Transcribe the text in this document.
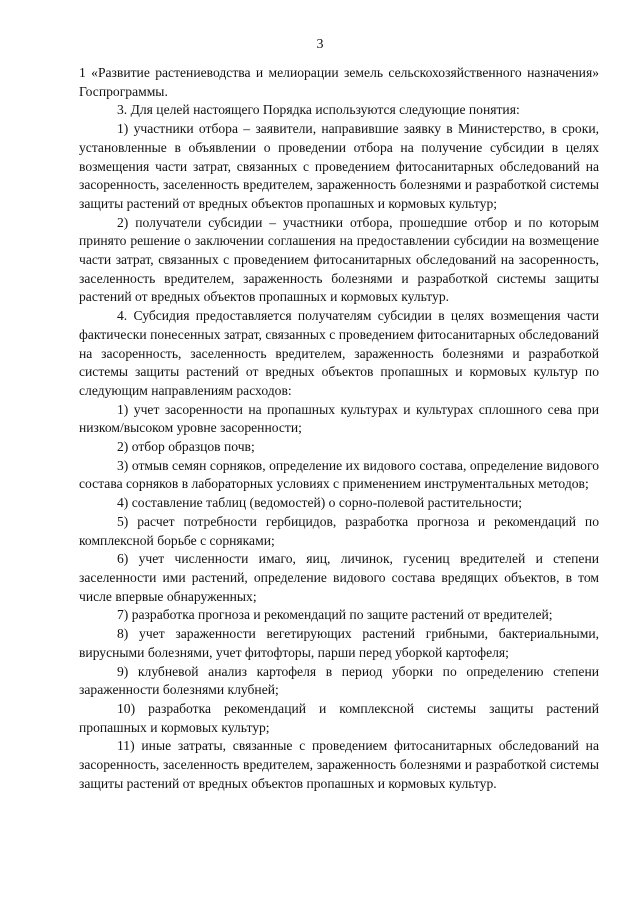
3

1 «Развитие растениеводства и мелиорации земель сельскохозяйственного назначения» Госпрограммы.

3. Для целей настоящего Порядка используются следующие понятия:

1) участники отбора – заявители, направившие заявку в Министерство, в сроки, установленные в объявлении о проведении отбора на получение субсидии в целях возмещения части затрат, связанных с проведением фитосанитарных обследований на засоренность, заселенность вредителем, зараженность болезнями и разработкой системы защиты растений от вредных объектов пропашных и кормовых культур;

2) получатели субсидии – участники отбора, прошедшие отбор и по которым принято решение о заключении соглашения на предоставлении субсидии на возмещение части затрат, связанных с проведением фитосанитарных обследований на засоренность, заселенность вредителем, зараженность болезнями и разработкой системы защиты растений от вредных объектов пропашных и кормовых культур.

4. Субсидия предоставляется получателям субсидии в целях возмещения части фактически понесенных затрат, связанных с проведением фитосанитарных обследований на засоренность, заселенность вредителем, зараженность болезнями и разработкой системы защиты растений от вредных объектов пропашных и кормовых культур по следующим направлениям расходов:

1) учет засоренности на пропашных культурах и культурах сплошного сева при низком/высоком уровне засоренности;

2) отбор образцов почв;

3) отмыв семян сорняков, определение их видового состава, определение видового состава сорняков в лабораторных условиях с применением инструментальных методов;

4) составление таблиц (ведомостей) о сорно-полевой растительности;

5) расчет потребности гербицидов, разработка прогноза и рекомендаций по комплексной борьбе с сорняками;

6) учет численности имаго, яиц, личинок, гусениц вредителей и степени заселенности ими растений, определение видового состава вредящих объектов, в том числе впервые обнаруженных;

7) разработка прогноза и рекомендаций по защите растений от вредителей;

8) учет зараженности вегетирующих растений грибными, бактериальными, вирусными болезнями, учет фитофторы, парши перед уборкой картофеля;

9) клубневой анализ картофеля в период уборки по определению степени зараженности болезнями клубней;

10) разработка рекомендаций и комплексной системы защиты растений пропашных и кормовых культур;

11) иные затраты, связанные с проведением фитосанитарных обследований на засоренность, заселенность вредителем, зараженность болезнями и разработкой системы защиты растений от вредных объектов пропашных и кормовых культур.
